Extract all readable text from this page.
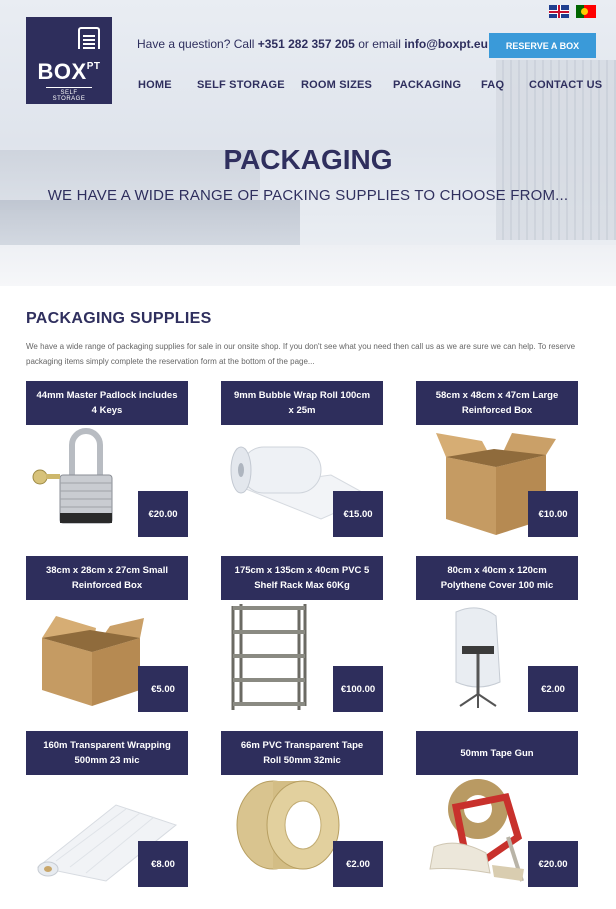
$BOX^{PT}$
SELF STORAGE
Have a question? Call +351 282 357 205 or email info@boxpt.eu	RESERVE A BOX
HOME SELF STORAGE ROOM SIZES PACKAGING FAQ CONTACT US
PACKAGING
WE HAVE A WIDE RANGE OF PACKING SUPPLIES TO CHOOSE FROM...
PACKAGING SUPPLIES
We have a wide range of packaging supplies for sale in our onsite shop. If you don't see what you need then call us as we are sure we can help. To reserve packaging items simply complete the reservation form at the bottom of the page...
44mm Master Padlock includes 4 Keys
€20.00
9mm Bubble Wrap Roll 100cm x 25m
€15.00
58cm x 48cm x 47cm Large Reinforced Box
€10.00
38cm x 28cm x 27cm Small Reinforced Box
€5.00
175cm x 135cm x 40cm PVC 5 Shelf Rack Max 60Kg
€100.00
80cm x 40cm x 120cm Polythene Cover 100 mic
€2.00
160m Transparent Wrapping 500mm 23 mic
€8.00
66m PVC Transparent Tape Roll 50mm 32mic
€2.00
50mm Tape Gun
€20.00
